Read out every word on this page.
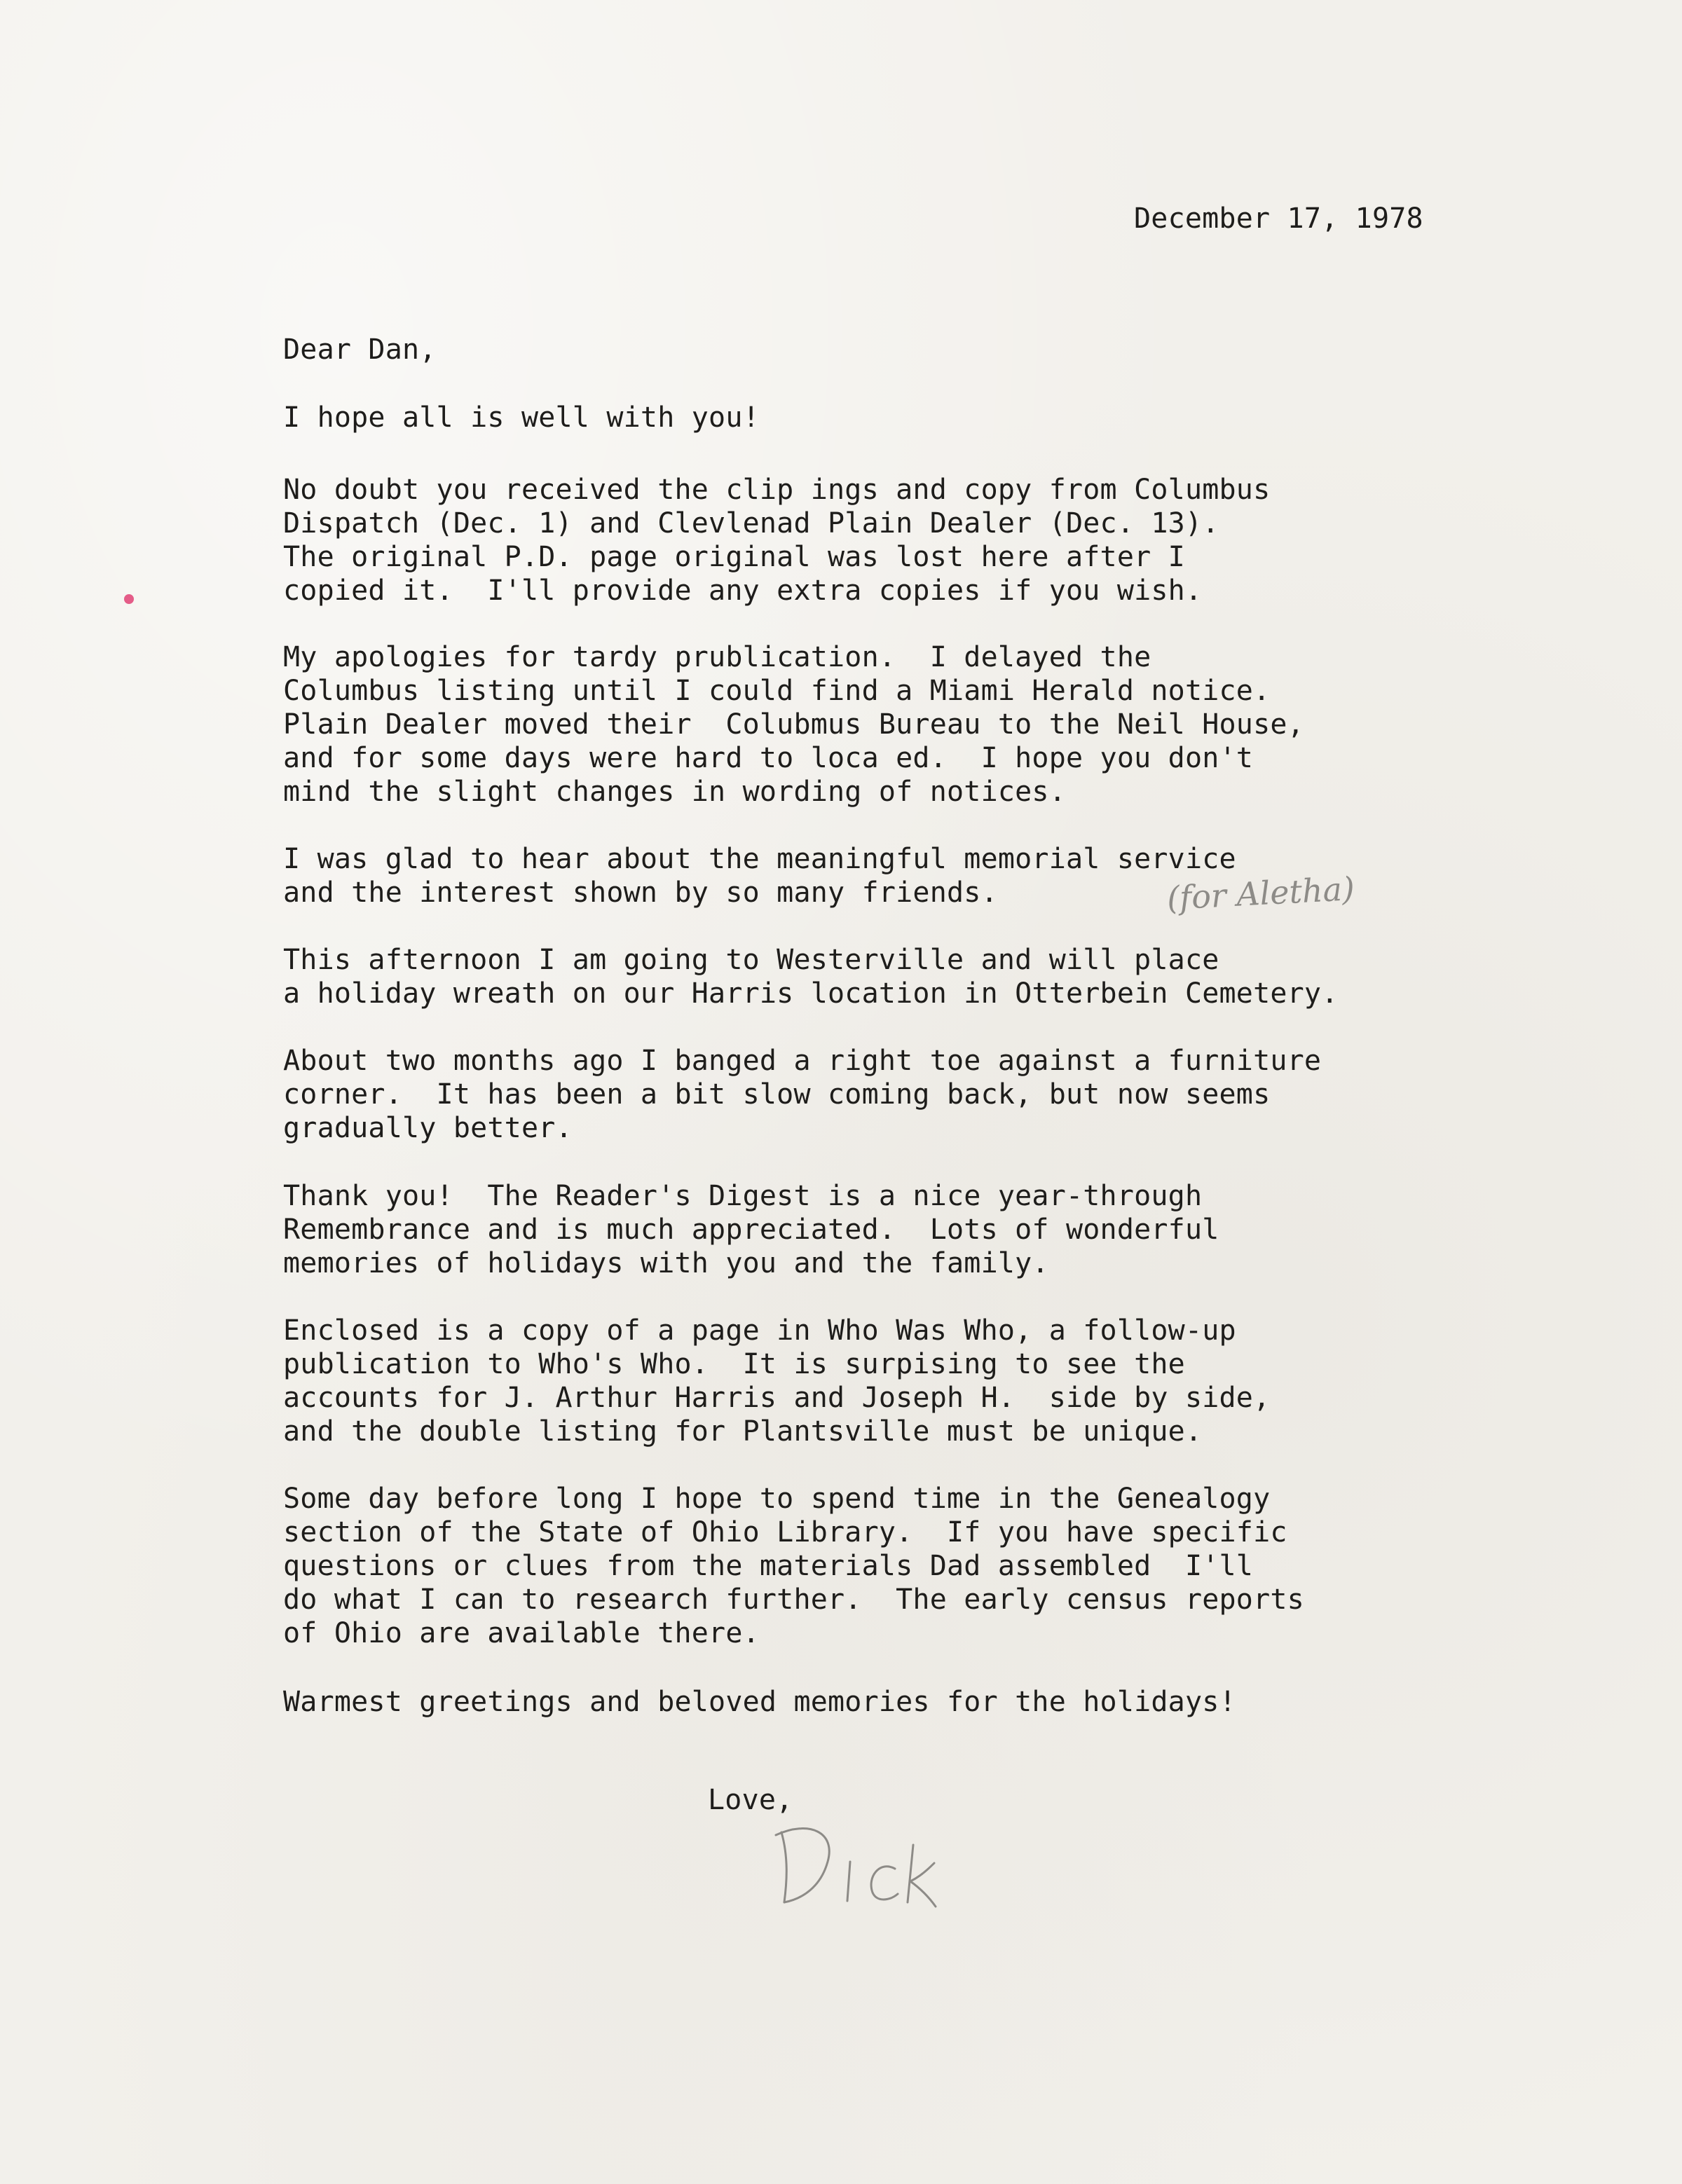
December 17, 1978

Dear Dan,

I hope all is well with you!

No doubt you received the clip ings and copy from Columbus
Dispatch (Dec. 1) and Clevlenad Plain Dealer (Dec. 13).
The original P.D. page original was lost here after I
copied it.  I'll provide any extra copies if you wish.

My apologies for tardy prublication.  I delayed the
Columbus listing until I could find a Miami Herald notice.
Plain Dealer moved their  Colubmus Bureau to the Neil House,
and for some days were hard to loca ed.  I hope you don't
mind the slight changes in wording of notices.

I was glad to hear about the meaningful memorial service
and the interest shown by so many friends.	(for Aletha)

This afternoon I am going to Westerville and will place
a holiday wreath on our Harris location in Otterbein Cemetery.

About two months ago I banged a right toe against a furniture
corner.  It has been a bit slow coming back, but now seems
gradually better.

Thank you!  The Reader's Digest is a nice year-through
Remembrance and is much appreciated.  Lots of wonderful
memories of holidays with you and the family.

Enclosed is a copy of a page in Who Was Who, a follow-up
publication to Who's Who.  It is surpising to see the
accounts for J. Arthur Harris and Joseph H.  side by side,
and the double listing for Plantsville must be unique.

Some day before long I hope to spend time in the Genealogy
section of the State of Ohio Library.  If you have specific
questions or clues from the materials Dad assembled  I'll
do what I can to research further.  The early census reports
of Ohio are available there.

Warmest greetings and beloved memories for the holidays!

Love,
